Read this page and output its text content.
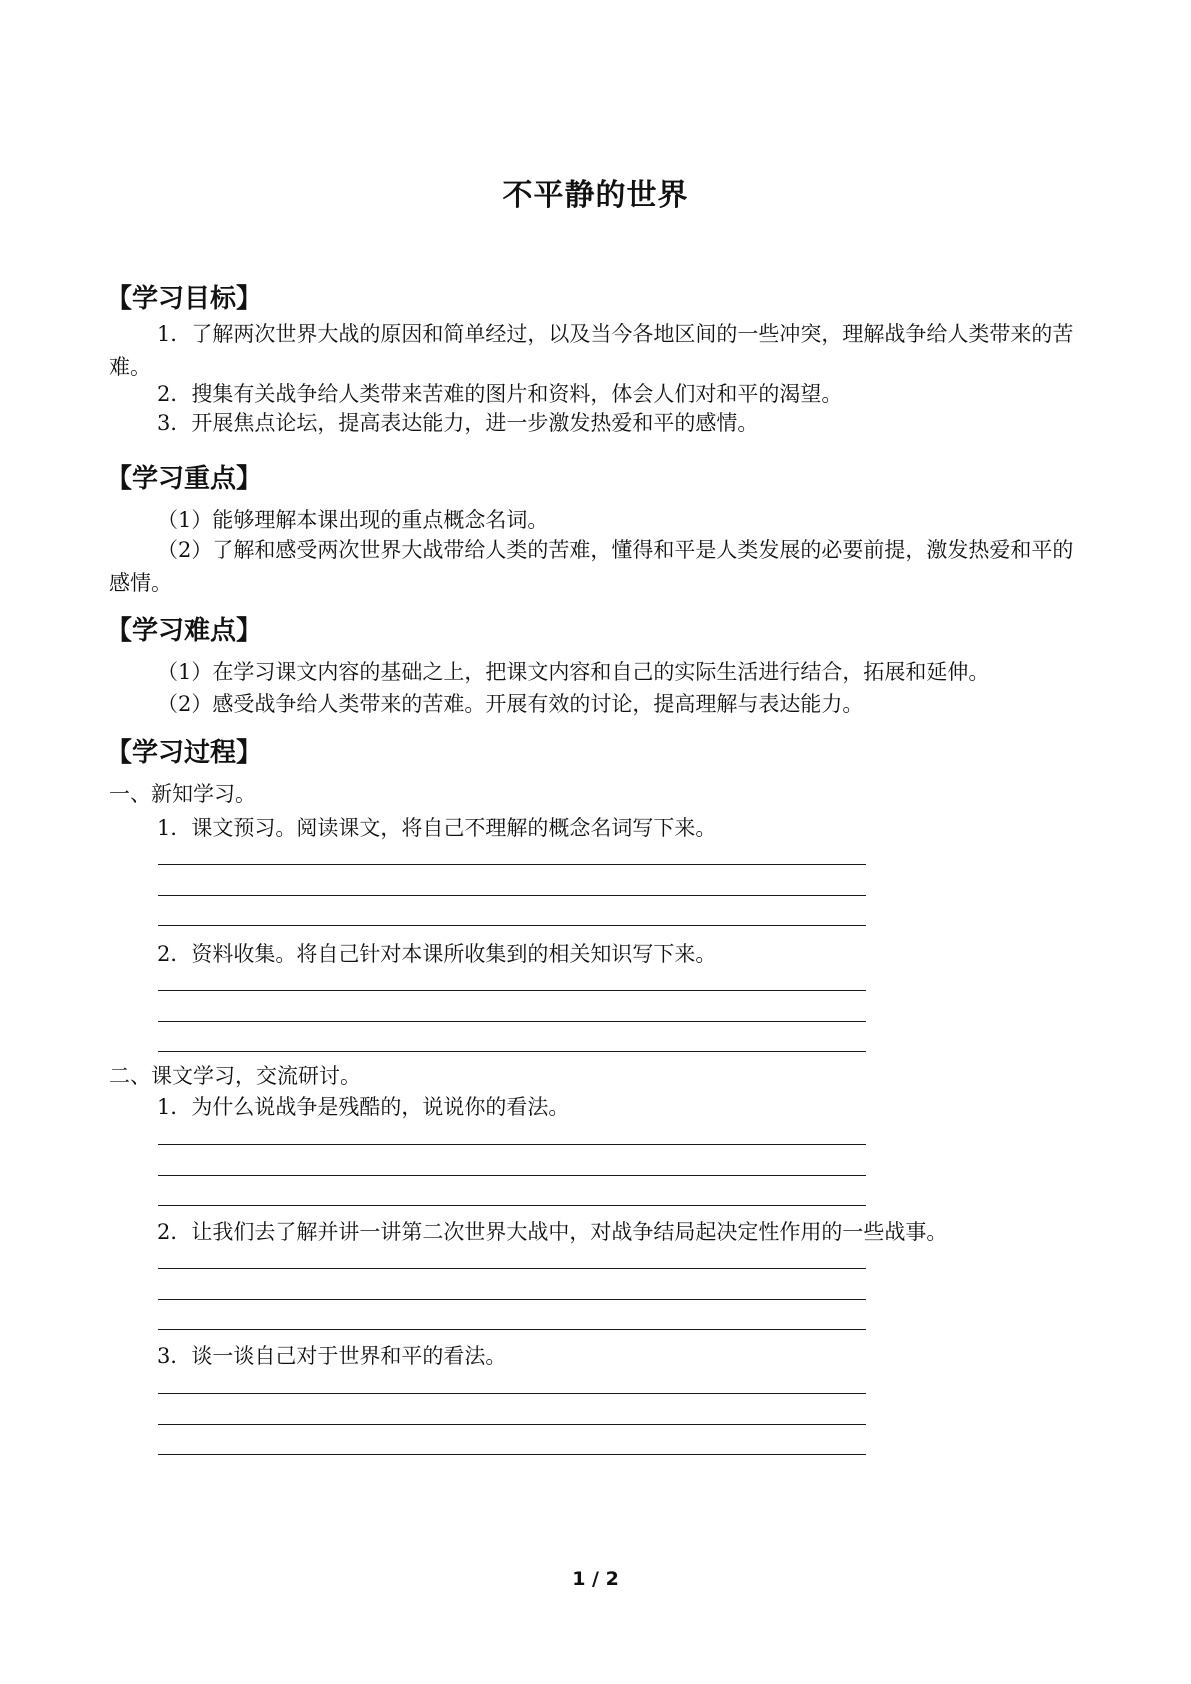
不平静的世界
【学习目标】

1．了解两次世界大战的原因和简单经过，以及当今各地区间的一些冲突，理解战争给人类带来的苦难。

2．搜集有关战争给人类带来苦难的图片和资料，体会人们对和平的渴望。

3．开展焦点论坛，提高表达能力，进一步激发热爱和平的感情。

【学习重点】

（1）能够理解本课出现的重点概念名词。

（2）了解和感受两次世界大战带给人类的苦难，懂得和平是人类发展的必要前提，激发热爱和平的感情。

【学习难点】

（1）在学习课文内容的基础之上，把课文内容和自己的实际生活进行结合，拓展和延伸。

（2）感受战争给人类带来的苦难。开展有效的讨论，提高理解与表达能力。

【学习过程】

一、新知学习。

1．课文预习。阅读课文，将自己不理解的概念名词写下来。

2．资料收集。将自己针对本课所收集到的相关知识写下来。

二、课文学习，交流研讨。

1．为什么说战争是残酷的，说说你的看法。

2．让我们去了解并讲一讲第二次世界大战中，对战争结局起决定性作用的一些战事。

3．谈一谈自己对于世界和平的看法。

1 / 2
